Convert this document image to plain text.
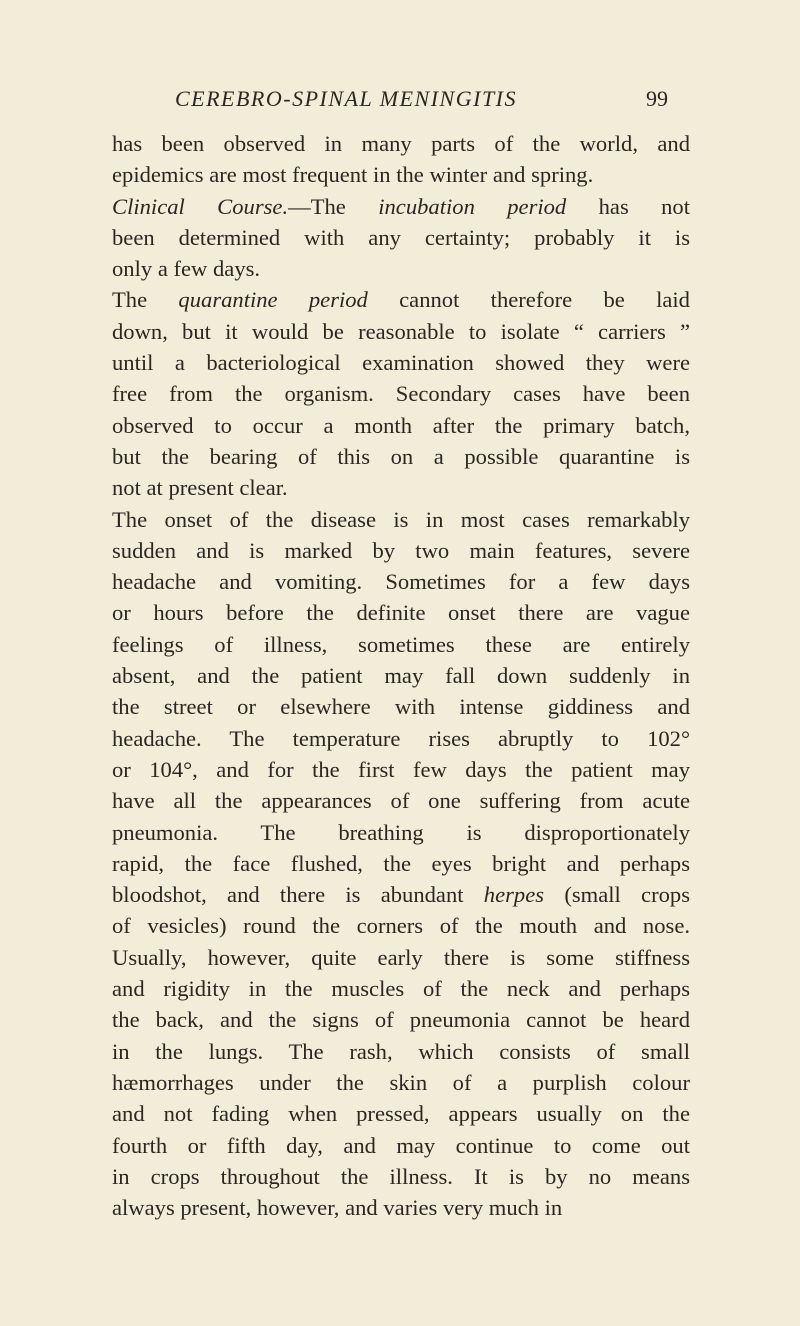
CEREBRO-SPINAL MENINGITIS	99
has been observed in many parts of the world, and
epidemics are most frequent in the winter and spring.
Clinical Course.—The incubation period has not
been determined with any certainty; probably it is
only a few days.
The quarantine period cannot therefore be laid
down, but it would be reasonable to isolate “ carriers ”
until a bacteriological examination showed they were
free from the organism. Secondary cases have been
observed to occur a month after the primary batch,
but the bearing of this on a possible quarantine is
not at present clear.
The onset of the disease is in most cases remarkably
sudden and is marked by two main features, severe
headache and vomiting. Sometimes for a few days
or hours before the definite onset there are vague
feelings of illness, sometimes these are entirely
absent, and the patient may fall down suddenly in
the street or elsewhere with intense giddiness and
headache. The temperature rises abruptly to 102°
or 104°, and for the first few days the patient may
have all the appearances of one suffering from acute
pneumonia. The breathing is disproportionately
rapid, the face flushed, the eyes bright and perhaps
bloodshot, and there is abundant herpes (small crops
of vesicles) round the corners of the mouth and nose.
Usually, however, quite early there is some stiffness
and rigidity in the muscles of the neck and perhaps
the back, and the signs of pneumonia cannot be heard
in the lungs. The rash, which consists of small
hæmorrhages under the skin of a purplish colour
and not fading when pressed, appears usually on the
fourth or fifth day, and may continue to come out
in crops throughout the illness. It is by no means
always present, however, and varies very much in
